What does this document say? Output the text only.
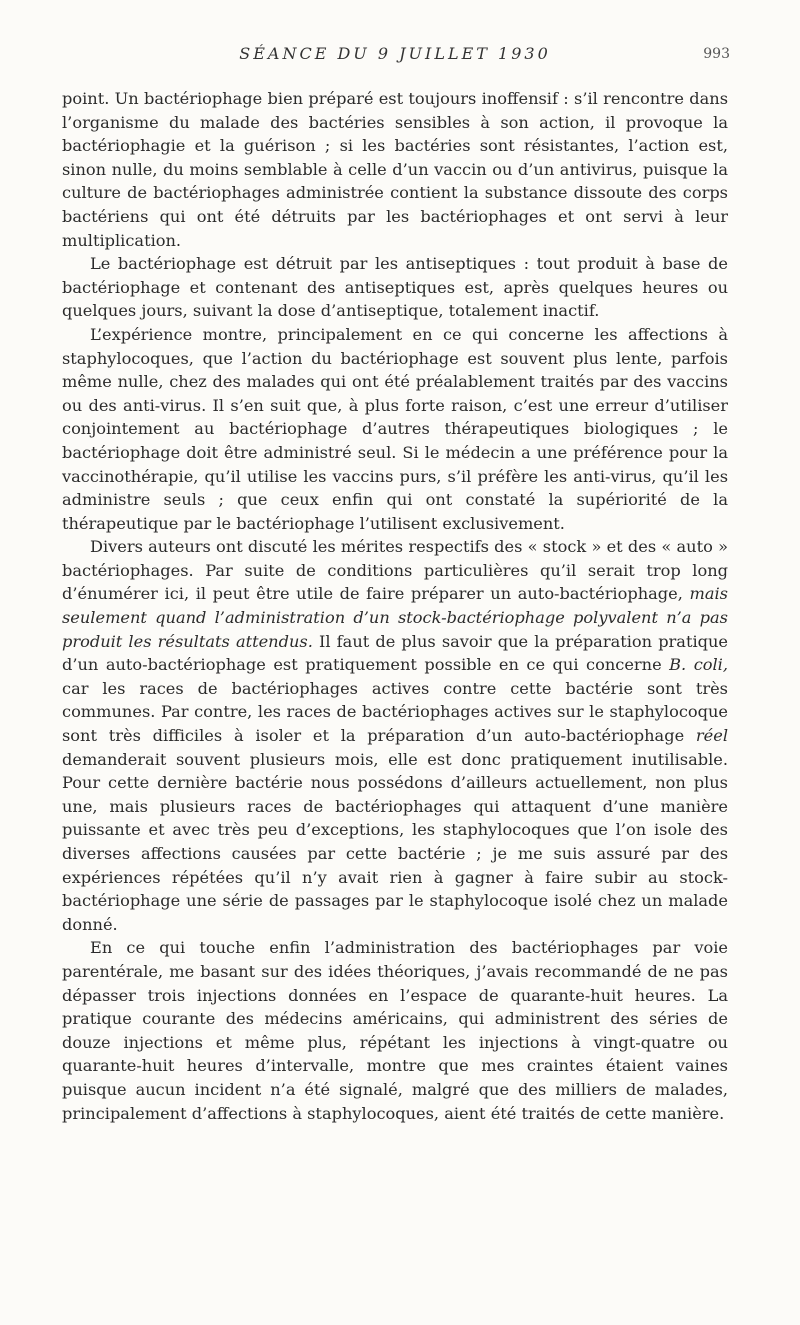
SÉANCE DU 9 JUILLET 1930	993

point. Un bactériophage bien préparé est toujours inoffensif : s’il rencontre dans l’organisme du malade des bactéries sensibles à son action, il provoque la bactériophagie et la guérison ; si les bactéries sont résistantes, l’action est, sinon nulle, du moins semblable à celle d’un vaccin ou d’un antivirus, puisque la culture de bactériophages administrée contient la substance dissoute des corps bactériens qui ont été détruits par les bactériophages et ont servi à leur multiplication.

Le bactériophage est détruit par les antiseptiques : tout produit à base de bactériophage et contenant des antiseptiques est, après quelques heures ou quelques jours, suivant la dose d’antiseptique, totalement inactif.

L’expérience montre, principalement en ce qui concerne les affections à staphylocoques, que l’action du bactériophage est souvent plus lente, parfois même nulle, chez des malades qui ont été préalablement traités par des vaccins ou des anti-virus. Il s’en suit que, à plus forte raison, c’est une erreur d’utiliser conjointement au bactériophage d’autres thérapeutiques biologiques ; le bactériophage doit être administré seul. Si le médecin a une préférence pour la vaccinothérapie, qu’il utilise les vaccins purs, s’il préfère les anti-virus, qu’il les administre seuls ; que ceux enfin qui ont constaté la supériorité de la thérapeutique par le bactériophage l’utilisent exclusivement.

Divers auteurs ont discuté les mérites respectifs des « stock » et des « auto » bactériophages. Par suite de conditions particulières qu’il serait trop long d’énumérer ici, il peut être utile de faire préparer un auto-bactériophage, mais seulement quand l’administration d’un stock-bactériophage polyvalent n’a pas produit les résultats attendus. Il faut de plus savoir que la préparation pratique d’un auto-bactériophage est pratiquement possible en ce qui concerne B. coli, car les races de bactériophages actives contre cette bactérie sont très communes. Par contre, les races de bactériophages actives sur le staphylocoque sont très difficiles à isoler et la préparation d’un auto-bactériophage réel demanderait souvent plusieurs mois, elle est donc pratiquement inutilisable. Pour cette dernière bactérie nous possédons d’ailleurs actuellement, non plus une, mais plusieurs races de bactériophages qui attaquent d’une manière puissante et avec très peu d’exceptions, les staphylocoques que l’on isole des diverses affections causées par cette bactérie ; je me suis assuré par des expériences répétées qu’il n’y avait rien à gagner à faire subir au stock-bactériophage une série de passages par le staphylocoque isolé chez un malade donné.

En ce qui touche enfin l’administration des bactériophages par voie parentérale, me basant sur des idées théoriques, j’avais recommandé de ne pas dépasser trois injections données en l’espace de quarante-huit heures. La pratique courante des médecins américains, qui administrent des séries de douze injections et même plus, répétant les injections à vingt-quatre ou quarante-huit heures d’intervalle, montre que mes craintes étaient vaines puisque aucun incident n’a été signalé, malgré que des milliers de malades, principalement d’affections à staphylocoques, aient été traités de cette manière.
